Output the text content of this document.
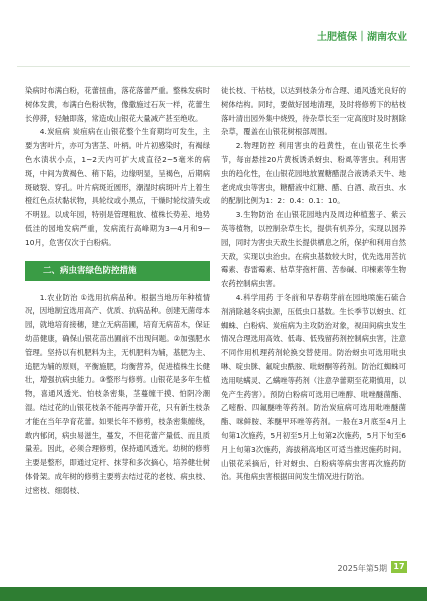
土肥植保｜湖南农业

染病时布满白粉，花蕾扭曲，落花落蕾严重。整株发病时树体发黄，布满白色粉状物，像撒施过石灰一样，花蕾生长停滞，轻触即落，常造成山银花大量减产甚至绝收。

4.炭疽病 炭疽病在山银花整个生育期均可发生，主要为害叶片，亦可为害茎、叶柄。叶片初感染时，有褐绿色水渍状小点，1~2天内可扩大成直径2~5毫米的病斑，中间为黄褐色、稍下陷，边缘明显，呈褐色，后期病斑破裂、穿孔。叶片病斑近圆形，潮湿时病斑叶片上着生橙红色点状黏状物，具轮纹或小黑点，干燥时轮纹清失或不明显。以成年园，特别是管理粗放、植株长势差、地势低洼的园地发病严重，发病流行高峰期为3—4月和9—10月，危害仅次于白粉病。

二、病虫害绿色防控措施

1.农业防治 ①选用抗病品种。根据当地历年种植情况，因地制宜选用高产、优质、抗病品种。创建无菌母本园，就地培育接穗，建立无病苗圃，培育无病苗木，保证幼苗健康，确保山银花苗出圃前不出现问题。②加强肥水管理。坚持以有机肥料为主，无机肥料为辅，基肥为主、追肥为辅的原则，平衡施肥，均衡营养，促进植株生长健壮，增强抗病虫能力。③整形与修剪。山银花是多年生植物，喜通风透光、怕枝条密集，茎蔓缠干摸、怕阴冷潮湿。结过花的山银花枝条不能再孕蕾开花，只有新生枝条才能在当年孕育花蕾。如果长年不修剪，枝条密集缠绕，敢内郁闭，病虫易滋生，蔓发，不但花蕾产量低、而且质量差。因此，必须合理修剪，保持通风透光。幼树的修剪主要是整形，即通过定杆、抹芽和多次摘心，培养健壮树体骨架。成年树的修剪主要剪去结过花的老枝、病虫枝、过密枝、细弱枝、

徒长枝、干枯枝，以达到枝条分布合理、通风透光良好的树体结构。同时，要做好园地清理，及时将修剪下的枯枝落叶清出园外集中烧毁，待杂草长至一定高度时及时割除杂草，覆盖在山银花树根部周围。

2.物理防控 利用害虫的趋黄性，在山银花生长季节，每亩悬挂20片黄板诱杀蚜虫、粉虱等害虫。利用害虫的趋化性，在山银花园地放置糖醋混合液诱杀天牛、地老虎成虫等害虫，糖醋液中红糖、醋、白酒、敌百虫、水的配制比例为1：2：0.4：0.1：10。

3.生物防治 在山银花园地内及周边种植葱子、紫云英等植物，以控制杂草生长，提供有机养分，实现以园养园，同时为害虫天敌生长提供栖息之所，保护和利用自然天敌，实现以虫治虫。在病虫基数较大时，优先选用苦抗霉素、春雷霉素、枯草芽孢杆菌、苦参碱、印楝素等生物农药控制病虫害。

4.科学用药 于冬前和早春萌芽前在园地喷施石硫合剂消除越冬病虫源，压低虫口基数。生长季节以蚜虫、红蜘蛛、白粉病、炭疽病为主攻防治对象，视田间病虫发生情况合理选用高效、低毒、低残留药剂控制病虫害，注意不同作用机理药剂轮换交替使用。防治蚜虫可选用吡虫啉、啶虫脒、氟啶虫酰胺、吡蚜酮等药剂。防治红蜘蛛可选用哒螨灵、乙螨唑等药剂（注意孕蕾期至花期慎用，以免产生药害）。预防白粉病可选用已唑醇、吡唑醚菌酯、乙嘧酚、四氟醚唑等药剂。防治炭疽病可选用吡唑醚菌酯、咪鲜胺、苯醚甲环唑等药剂。一般在3月底至4月上旬第1次施药，5月初至5月上旬第2次施药，5月下旬至6月上旬第3次施药，海拔稍高地区可适当推迟施药时间。山银花采摘后，针对蚜虫、白粉病等病虫害再次施药防治。其他病虫害根据田间发生情况进行防治。

2025年第5期 17
